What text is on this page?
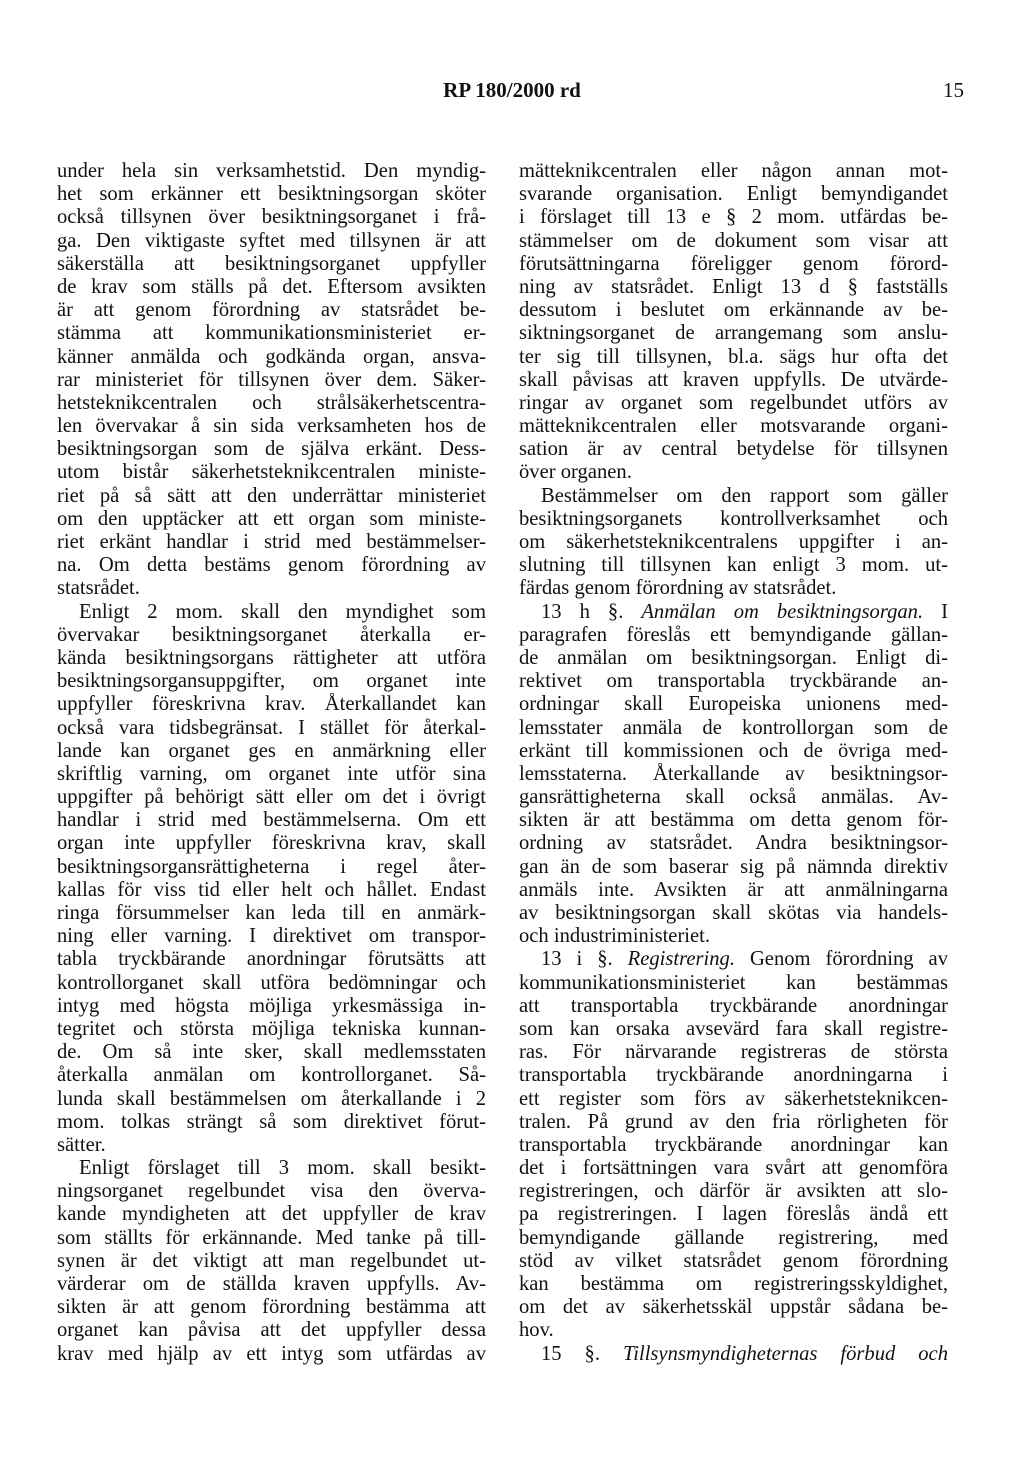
RP 180/2000 rd	15
under hela sin verksamhetstid. Den myndig-
het som erkänner ett besiktningsorgan sköter
också tillsynen över besiktningsorganet i frå-
ga. Den viktigaste syftet med tillsynen är att
säkerställa att besiktningsorganet uppfyller
de krav som ställs på det. Eftersom avsikten
är att genom förordning av statsrådet be-
stämma att kommunikationsministeriet er-
känner anmälda och godkända organ, ansva-
rar ministeriet för tillsynen över dem. Säker-
hetsteknikcentralen och strålsäkerhetscentra-
len övervakar å sin sida verksamheten hos de
besiktningsorgan som de själva erkänt. Dess-
utom bistår säkerhetsteknikcentralen ministe-
riet på så sätt att den underrättar ministeriet
om den upptäcker att ett organ som ministe-
riet erkänt handlar i strid med bestämmelser-
na. Om detta bestäms genom förordning av
statsrådet.
Enligt 2 mom. skall den myndighet som
övervakar besiktningsorganet återkalla er-
kända besiktningsorgans rättigheter att utföra
besiktningsorgansuppgifter, om organet inte
uppfyller föreskrivna krav. Återkallandet kan
också vara tidsbegränsat. I stället för återkal-
lande kan organet ges en anmärkning eller
skriftlig varning, om organet inte utför sina
uppgifter på behörigt sätt eller om det i övrigt
handlar i strid med bestämmelserna. Om ett
organ inte uppfyller föreskrivna krav, skall
besiktningsorgansrättigheterna i regel åter-
kallas för viss tid eller helt och hållet. Endast
ringa försummelser kan leda till en anmärk-
ning eller varning. I direktivet om transpor-
tabla tryckbärande anordningar förutsätts att
kontrollorganet skall utföra bedömningar och
intyg med högsta möjliga yrkesmässiga in-
tegritet och största möjliga tekniska kunnan-
de. Om så inte sker, skall medlemsstaten
återkalla anmälan om kontrollorganet. Så-
lunda skall bestämmelsen om återkallande i 2
mom. tolkas strängt så som direktivet förut-
sätter.
Enligt förslaget till 3 mom. skall besikt-
ningsorganet regelbundet visa den överva-
kande myndigheten att det uppfyller de krav
som ställts för erkännande. Med tanke på till-
synen är det viktigt att man regelbundet ut-
värderar om de ställda kraven uppfylls. Av-
sikten är att genom förordning bestämma att
organet kan påvisa att det uppfyller dessa
krav med hjälp av ett intyg som utfärdas av
mätteknikcentralen eller någon annan mot-
svarande organisation. Enligt bemyndigandet
i förslaget till 13 e § 2 mom. utfärdas be-
stämmelser om de dokument som visar att
förutsättningarna föreligger genom förord-
ning av statsrådet. Enligt 13 d § fastställs
dessutom i beslutet om erkännande av be-
siktningsorganet de arrangemang som anslu-
ter sig till tillsynen, bl.a. sägs hur ofta det
skall påvisas att kraven uppfylls. De utvärde-
ringar av organet som regelbundet utförs av
mätteknikcentralen eller motsvarande organi-
sation är av central betydelse för tillsynen
över organen.
Bestämmelser om den rapport som gäller
besiktningsorganets kontrollverksamhet och
om säkerhetsteknikcentralens uppgifter i an-
slutning till tillsynen kan enligt 3 mom. ut-
färdas genom förordning av statsrådet.
13 h §. Anmälan om besiktningsorgan. I
paragrafen föreslås ett bemyndigande gällan-
de anmälan om besiktningsorgan. Enligt di-
rektivet om transportabla tryckbärande an-
ordningar skall Europeiska unionens med-
lemsstater anmäla de kontrollorgan som de
erkänt till kommissionen och de övriga med-
lemsstaterna. Återkallande av besiktningsor-
gansrättigheterna skall också anmälas. Av-
sikten är att bestämma om detta genom för-
ordning av statsrådet. Andra besiktningsor-
gan än de som baserar sig på nämnda direktiv
anmäls inte. Avsikten är att anmälningarna
av besiktningsorgan skall skötas via handels-
och industriministeriet.
13 i §. Registrering. Genom förordning av
kommunikationsministeriet kan bestämmas
att transportabla tryckbärande anordningar
som kan orsaka avsevärd fara skall registre-
ras. För närvarande registreras de största
transportabla tryckbärande anordningarna i
ett register som förs av säkerhetsteknikcen-
tralen. På grund av den fria rörligheten för
transportabla tryckbärande anordningar kan
det i fortsättningen vara svårt att genomföra
registreringen, och därför är avsikten att slo-
pa registreringen. I lagen föreslås ändå ett
bemyndigande gällande registrering, med
stöd av vilket statsrådet genom förordning
kan bestämma om registreringsskyldighet,
om det av säkerhetsskäl uppstår sådana be-
hov.
15 §. Tillsynsmyndigheternas förbud och
